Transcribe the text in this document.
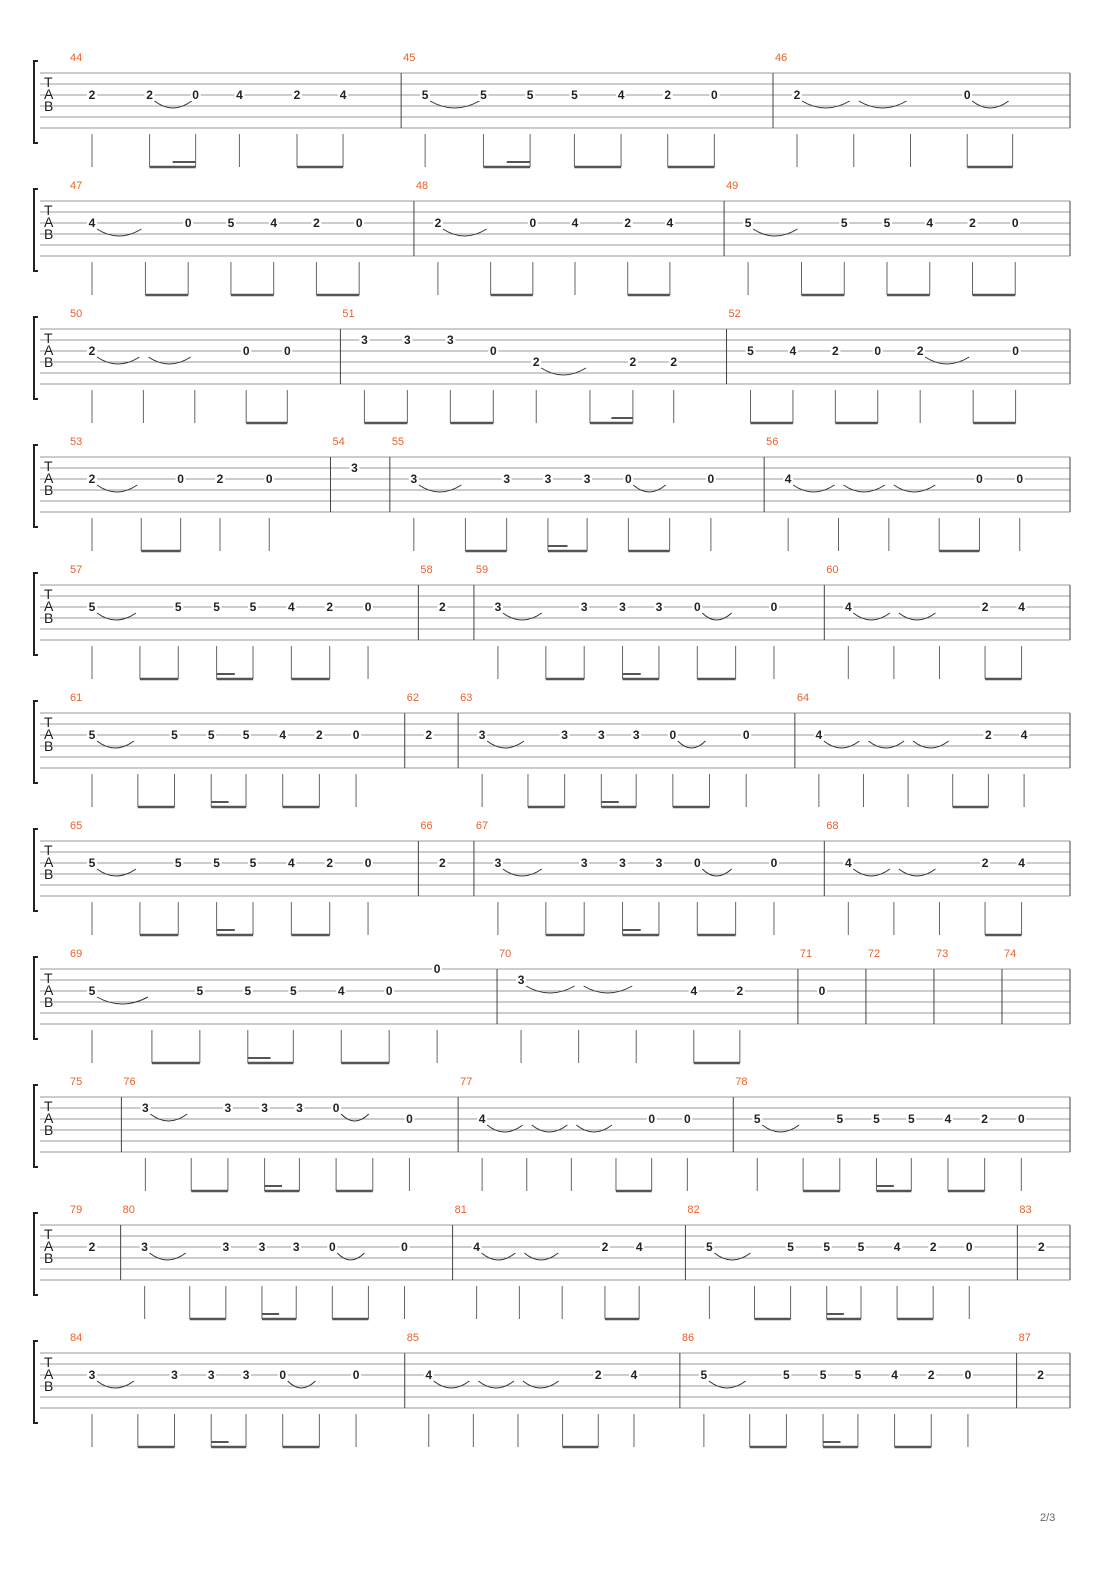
T
A
B
44
2	2	0	4	2	4
45
5	5	5	5	4	2	0
46
2	0
T
A
B
47
4	0	5	4	2	0
48
2	0	4	2	4
49
5	5	5	4	2	0
T
A
B
50
2	0	0
51
3	3	3
0
2	2	2
52
5	4	2	0	2	0
T
A
B
53
2	0	2	0
54
3
55
3	3	3	3	0	0
56
4	0	0
T
A
B
57
5	5	5 5	4	2	0
58
2
59
3	3	3 3	0	0
60
4	2 4
T
A
B
61
5	5 5 5 4 2 0
62
2
63
3	3 3 3 0	0
64
4	2 4
T
A
B
65
5	5	5 5	4	2	0
66
2
67
3	3	3 3	0	0
68
4	2 4
T
A
B
69
5	5	5	5	4	0
0
70
3
4	2
71
0
72	73	74
T
A
B
75	76
3	3 3 3 0
0
77
4	0 0
78
5	5 5 5 4 2 0
T
A
B
79
2
80
3	3 3 3 0	0
81
4	2 4
82
5	5 5 5 4 2 0
83
2
T
A
B
84
3	3 3 3 0	0
85
4	2 4
86
5	5 5 5 4 2 0
87
2
2/3
